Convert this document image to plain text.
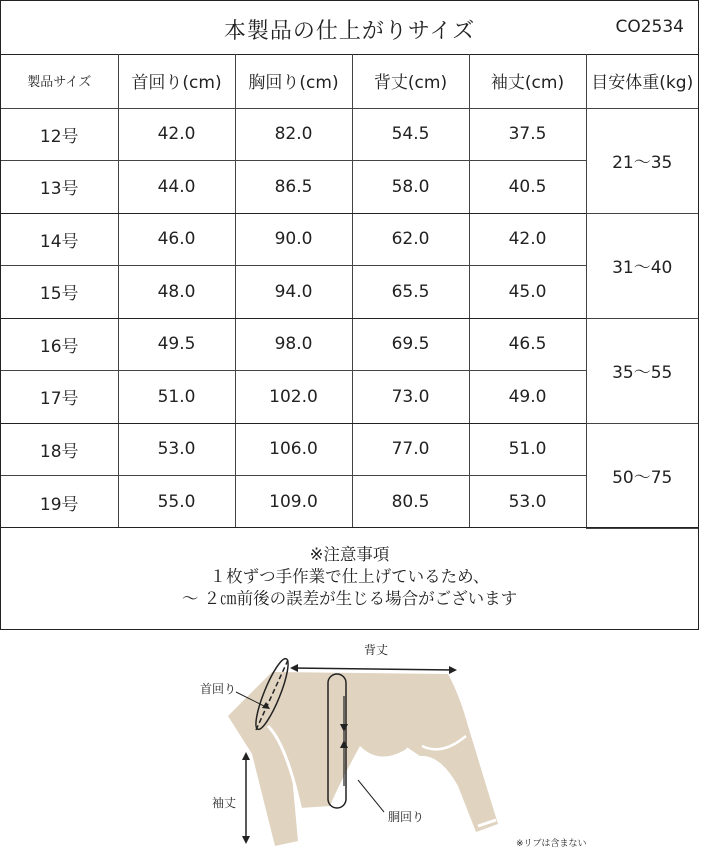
本製品の仕上がりサイズ	CO2534
製品サイズ	首回り(cm)	胸回り(cm)	背丈(cm)	袖丈(cm)	目安体重(kg)
12号	42.0	82.0	54.5	37.5	21～35
13号	44.0	86.5	58.0	40.5	
14号	46.0	90.0	62.0	42.0	31～40
15号	48.0	94.0	65.5	45.0	
16号	49.5	98.0	69.5	46.5	35～55
17号	51.0	102.0	73.0	49.0	
18号	53.0	106.0	77.0	51.0	50～75
19号	55.0	109.0	80.5	53.0	
※注意事項
１枚ずつ手作業で仕上げているため、
～ ２㎝前後の誤差が生じる場合がございます
背丈
首回り
袖丈
胴回り
※リブは含まない
